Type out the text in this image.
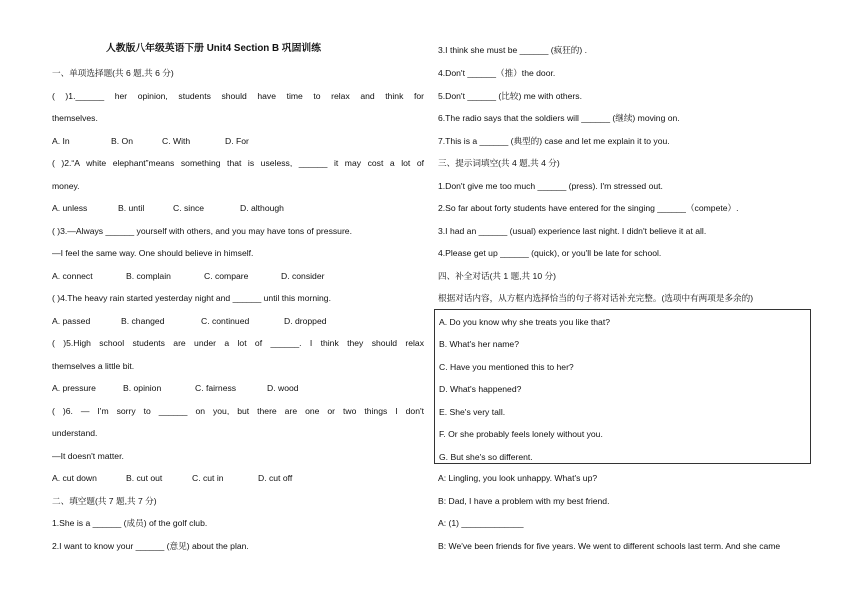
人教版八年级英语下册 Unit4 Section B 巩固训练
一、单项选择题(共 6 题,共 6 分)
( )1.______ her opinion, students should have time to relax and think for
themselves.
A. In	B. On	C. With	D. For
( )2.“A white elephant”means something that is useless, ______ it may cost a lot of
money.
A. unless	B. until	C. since	D. although
( )3.—Always ______ yourself with others, and you may have tons of pressure.
—I feel the same way. One should believe in himself.
A. connect	B. complain	C. compare	D. consider
( )4.The heavy rain started yesterday night and ______ until this morning.
A. passed	B. changed	C. continued	D. dropped
( )5.High school students are under a lot of ______. I think they should relax
themselves a little bit.
A. pressure	B. opinion	C. fairness	D. wood
( )6. — I'm sorry to ______ on you, but there are one or two things I don't
understand.
—It doesn't matter.
A. cut down	B. cut out	C. cut in	D. cut off
二、填空题(共 7 题,共 7 分)
1.She is a ______ (成员) of the golf club.
2.I want to know your ______ (意见) about the plan.
3.I think she must be ______ (疯狂的) .
4.Don't ______（推）the door.
5.Don't ______ (比较) me with others.
6.The radio says that the soldiers will ______ (继续) moving on.
7.This is a ______ (典型的) case and let me explain it to you.
三、提示词填空(共 4 题,共 4 分)
1.Don't give me too much ______ (press). I'm stressed out.
2.So far about forty students have entered for the singing ______（compete）.
3.I had an ______ (usual) experience last night. I didn't believe it at all.
4.Please get up ______ (quick), or you'll be late for school.
四、补全对话(共 1 题,共 10 分)
根据对话内容，从方框内选择恰当的句子将对话补充完整。(选项中有两项是多余的)
A: Lingling, you look unhappy. What's up?
B: Dad, I have a problem with my best friend.
A: (1) _____________
B: We've been friends for five years. We went to different schools last term. And she came
A. Do you know why she treats you like that?
B. What's her name?
C. Have you mentioned this to her?
D. What's happened?
E. She's very tall.
F. Or she probably feels lonely without you.
G. But she's so different.
